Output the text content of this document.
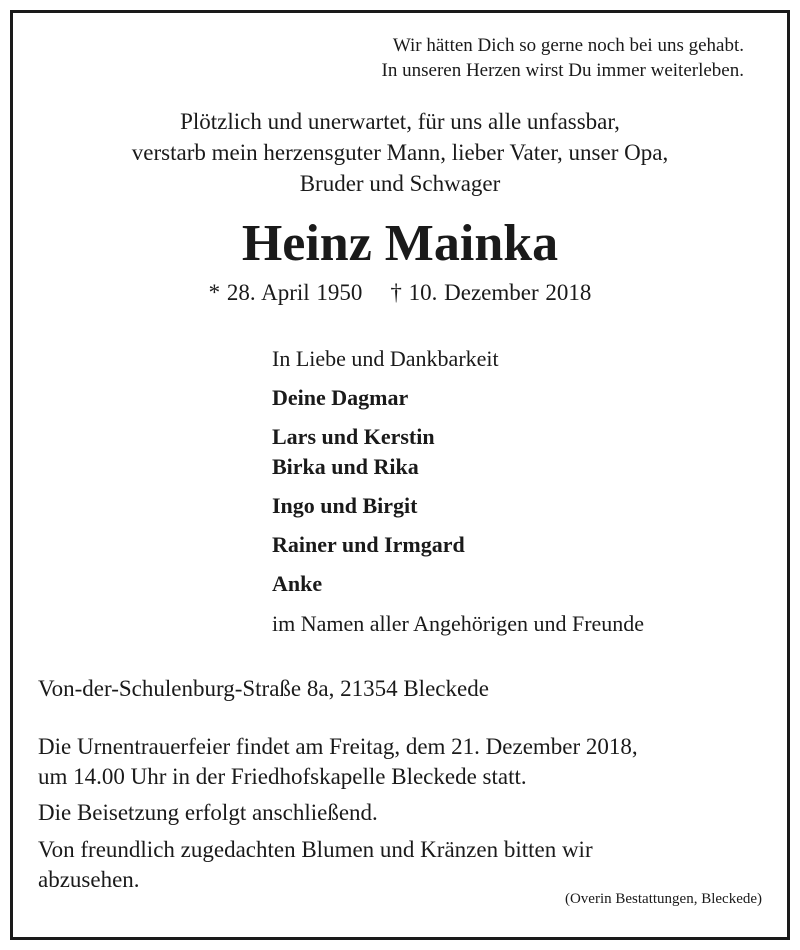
Wir hätten Dich so gerne noch bei uns gehabt.
In unseren Herzen wirst Du immer weiterleben.
Plötzlich und unerwartet, für uns alle unfassbar,
verstarb mein herzensguter Mann, lieber Vater, unser Opa,
Bruder und Schwager
Heinz Mainka
* 28. April 1950 † 10. Dezember 2018
In Liebe und Dankbarkeit
Deine Dagmar
Lars und Kerstin
Birka und Rika
Ingo und Birgit
Rainer und Irmgard
Anke
im Namen aller Angehörigen und Freunde
Von-der-Schulenburg-Straße 8a, 21354 Bleckede
Die Urnentrauerfeier findet am Freitag, dem 21. Dezember 2018,
um 14.00 Uhr in der Friedhofskapelle Bleckede statt.
Die Beisetzung erfolgt anschließend.
Von freundlich zugedachten Blumen und Kränzen bitten wir
abzusehen.
(Overin Bestattungen, Bleckede)
